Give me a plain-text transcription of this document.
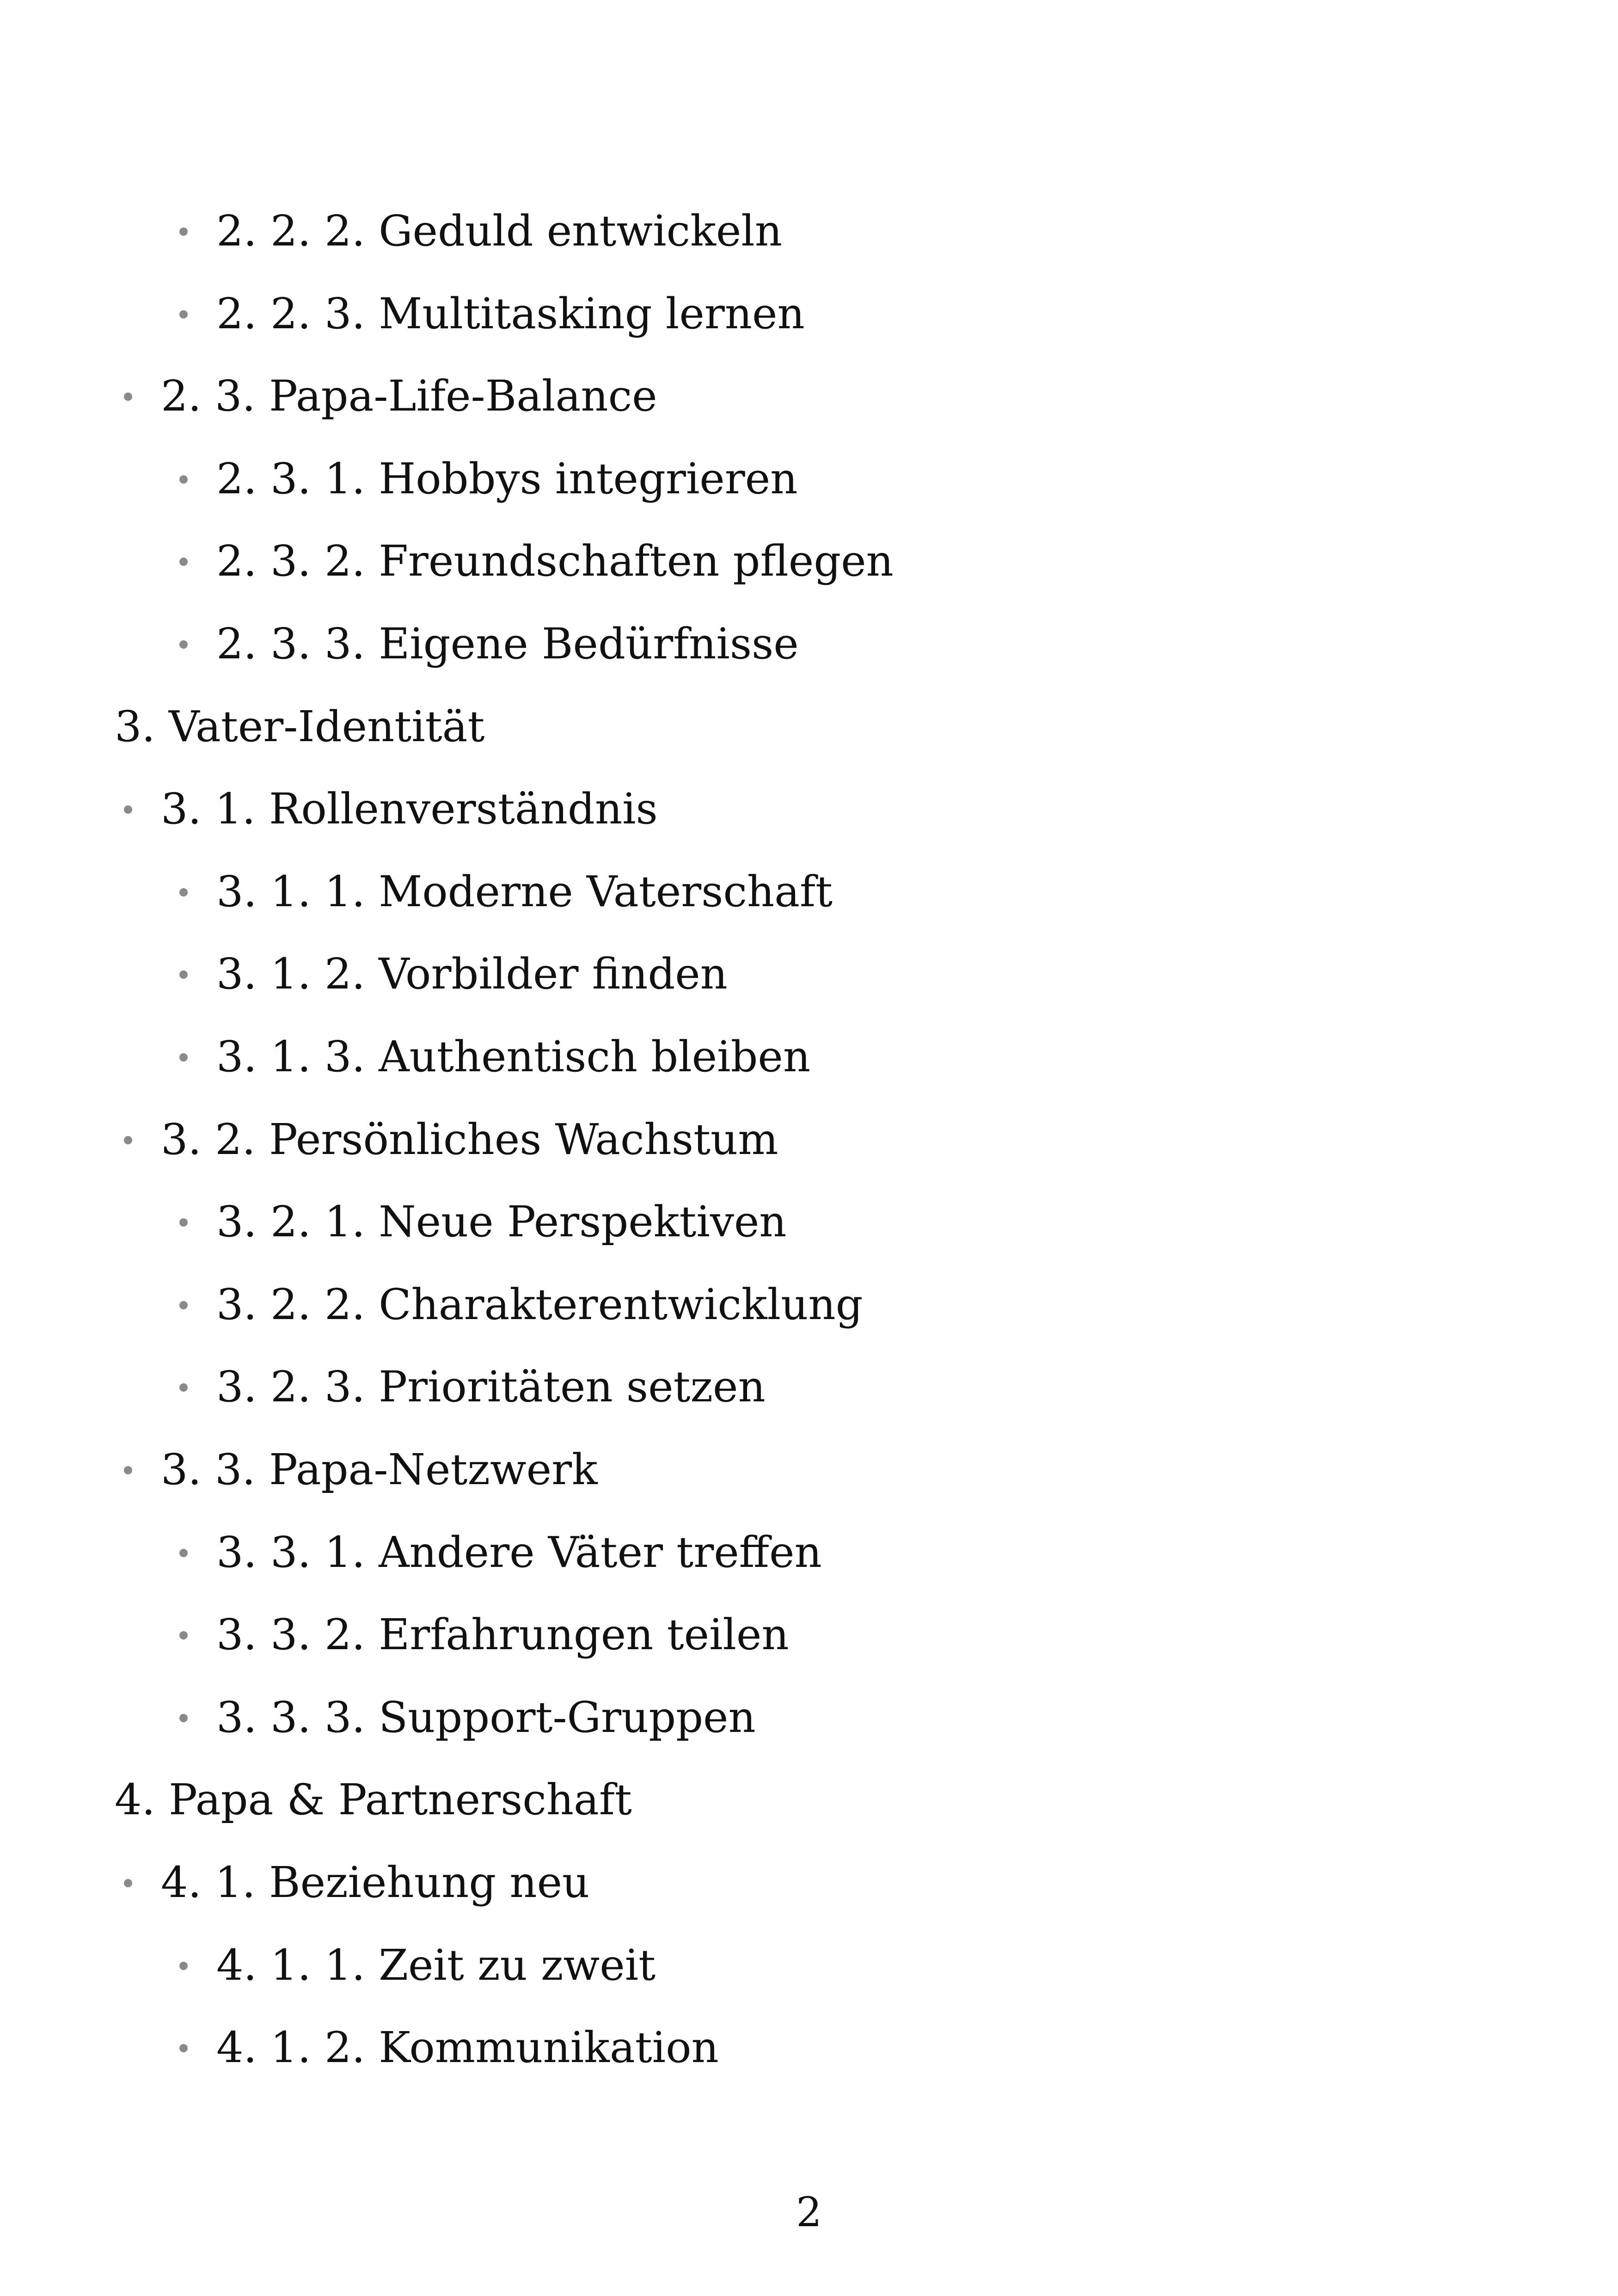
2. 2. 2. Geduld entwickeln
2. 2. 3. Multitasking lernen
2. 3. Papa-Life-Balance
2. 3. 1. Hobbys integrieren
2. 3. 2. Freundschaften pflegen
2. 3. 3. Eigene Bedürfnisse
3. Vater-Identität
3. 1. Rollenverständnis
3. 1. 1. Moderne Vaterschaft
3. 1. 2. Vorbilder finden
3. 1. 3. Authentisch bleiben
3. 2. Persönliches Wachstum
3. 2. 1. Neue Perspektiven
3. 2. 2. Charakterentwicklung
3. 2. 3. Prioritäten setzen
3. 3. Papa-Netzwerk
3. 3. 1. Andere Väter treffen
3. 3. 2. Erfahrungen teilen
3. 3. 3. Support-Gruppen
4. Papa & Partnerschaft
4. 1. Beziehung neu
4. 1. 1. Zeit zu zweit
4. 1. 2. Kommunikation
2
